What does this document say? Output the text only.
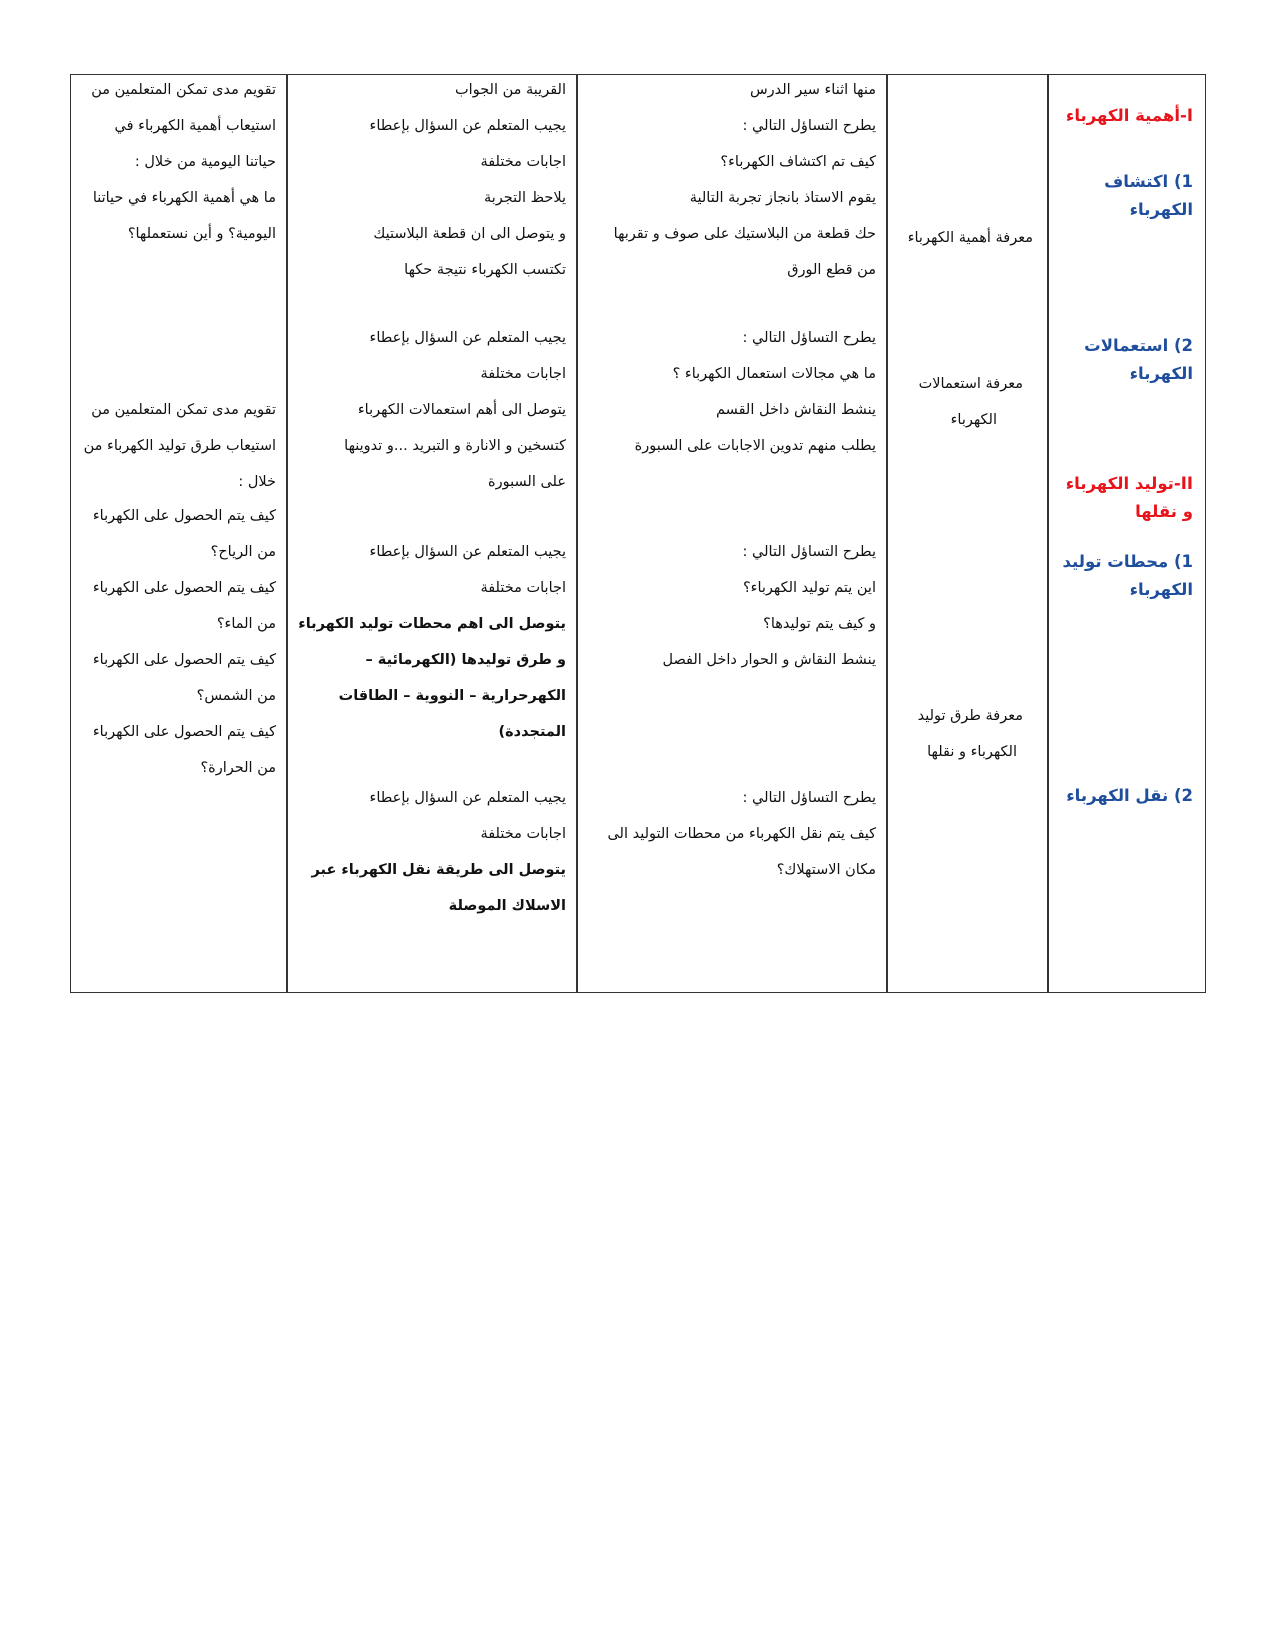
I-أهمية الكهرباء
1) اكتشاف
الكهرباء
2) استعمالات
الكهرباء
II-توليد الكهرباء
و نقلها
1) محطات توليد
الكهرباء
2) نقل الكهرباء
معرفة أهمية الكهرباء
معرفة استعمالات
الكهرباء
معرفة طرق توليد
الكهرباء و نقلها
منها اثناء سير الدرس
يطرح التساؤل التالي :
كيف تم اكتشاف الكهرباء؟
يقوم الاستاذ بانجاز تجربة التالية
حك قطعة من البلاستيك على صوف و تقربها
من قطع الورق
يطرح التساؤل التالي :
ما هي مجالات استعمال الكهرباء ؟
ينشط النقاش داخل القسم
يطلب منهم تدوين الاجابات على السبورة
يطرح التساؤل التالي :
اين يتم توليد الكهرباء؟
و كيف يتم توليدها؟
ينشط النقاش و الحوار داخل الفصل
يطرح التساؤل التالي :
كيف يتم نقل الكهرباء من محطات التوليد الى
مكان الاستهلاك؟
القريبة من الجواب
يجيب المتعلم عن السؤال بإعطاء
اجابات مختلفة
يلاحظ التجربة
و يتوصل الى ان قطعة البلاستيك
تكتسب الكهرباء نتيجة حكها
يجيب المتعلم عن السؤال بإعطاء
اجابات مختلفة
يتوصل الى أهم استعمالات الكهرباء
كتسخين و الانارة و التبريد ...و تدوينها
على السبورة
يجيب المتعلم عن السؤال بإعطاء
اجابات مختلفة
يتوصل الى اهم محطات توليد الكهرباء
و طرق توليدها (الكهرمائية –
الكهرحرارية – النووية – الطاقات
المتجددة)
يجيب المتعلم عن السؤال بإعطاء
اجابات مختلفة
يتوصل الى طريقة نقل الكهرباء عبر
الاسلاك الموصلة
تقويم مدى تمكن المتعلمين من
استيعاب أهمية الكهرباء في
حياتنا اليومية من خلال :
ما هي أهمية الكهرباء في حياتنا
اليومية؟ و أين نستعملها؟
تقويم مدى تمكن المتعلمين من
استيعاب طرق توليد الكهرباء من
خلال :
كيف يتم الحصول على الكهرباء
من الرياح؟
كيف يتم الحصول على الكهرباء
من الماء؟
كيف يتم الحصول على الكهرباء
من الشمس؟
كيف يتم الحصول على الكهرباء
من الحرارة؟
